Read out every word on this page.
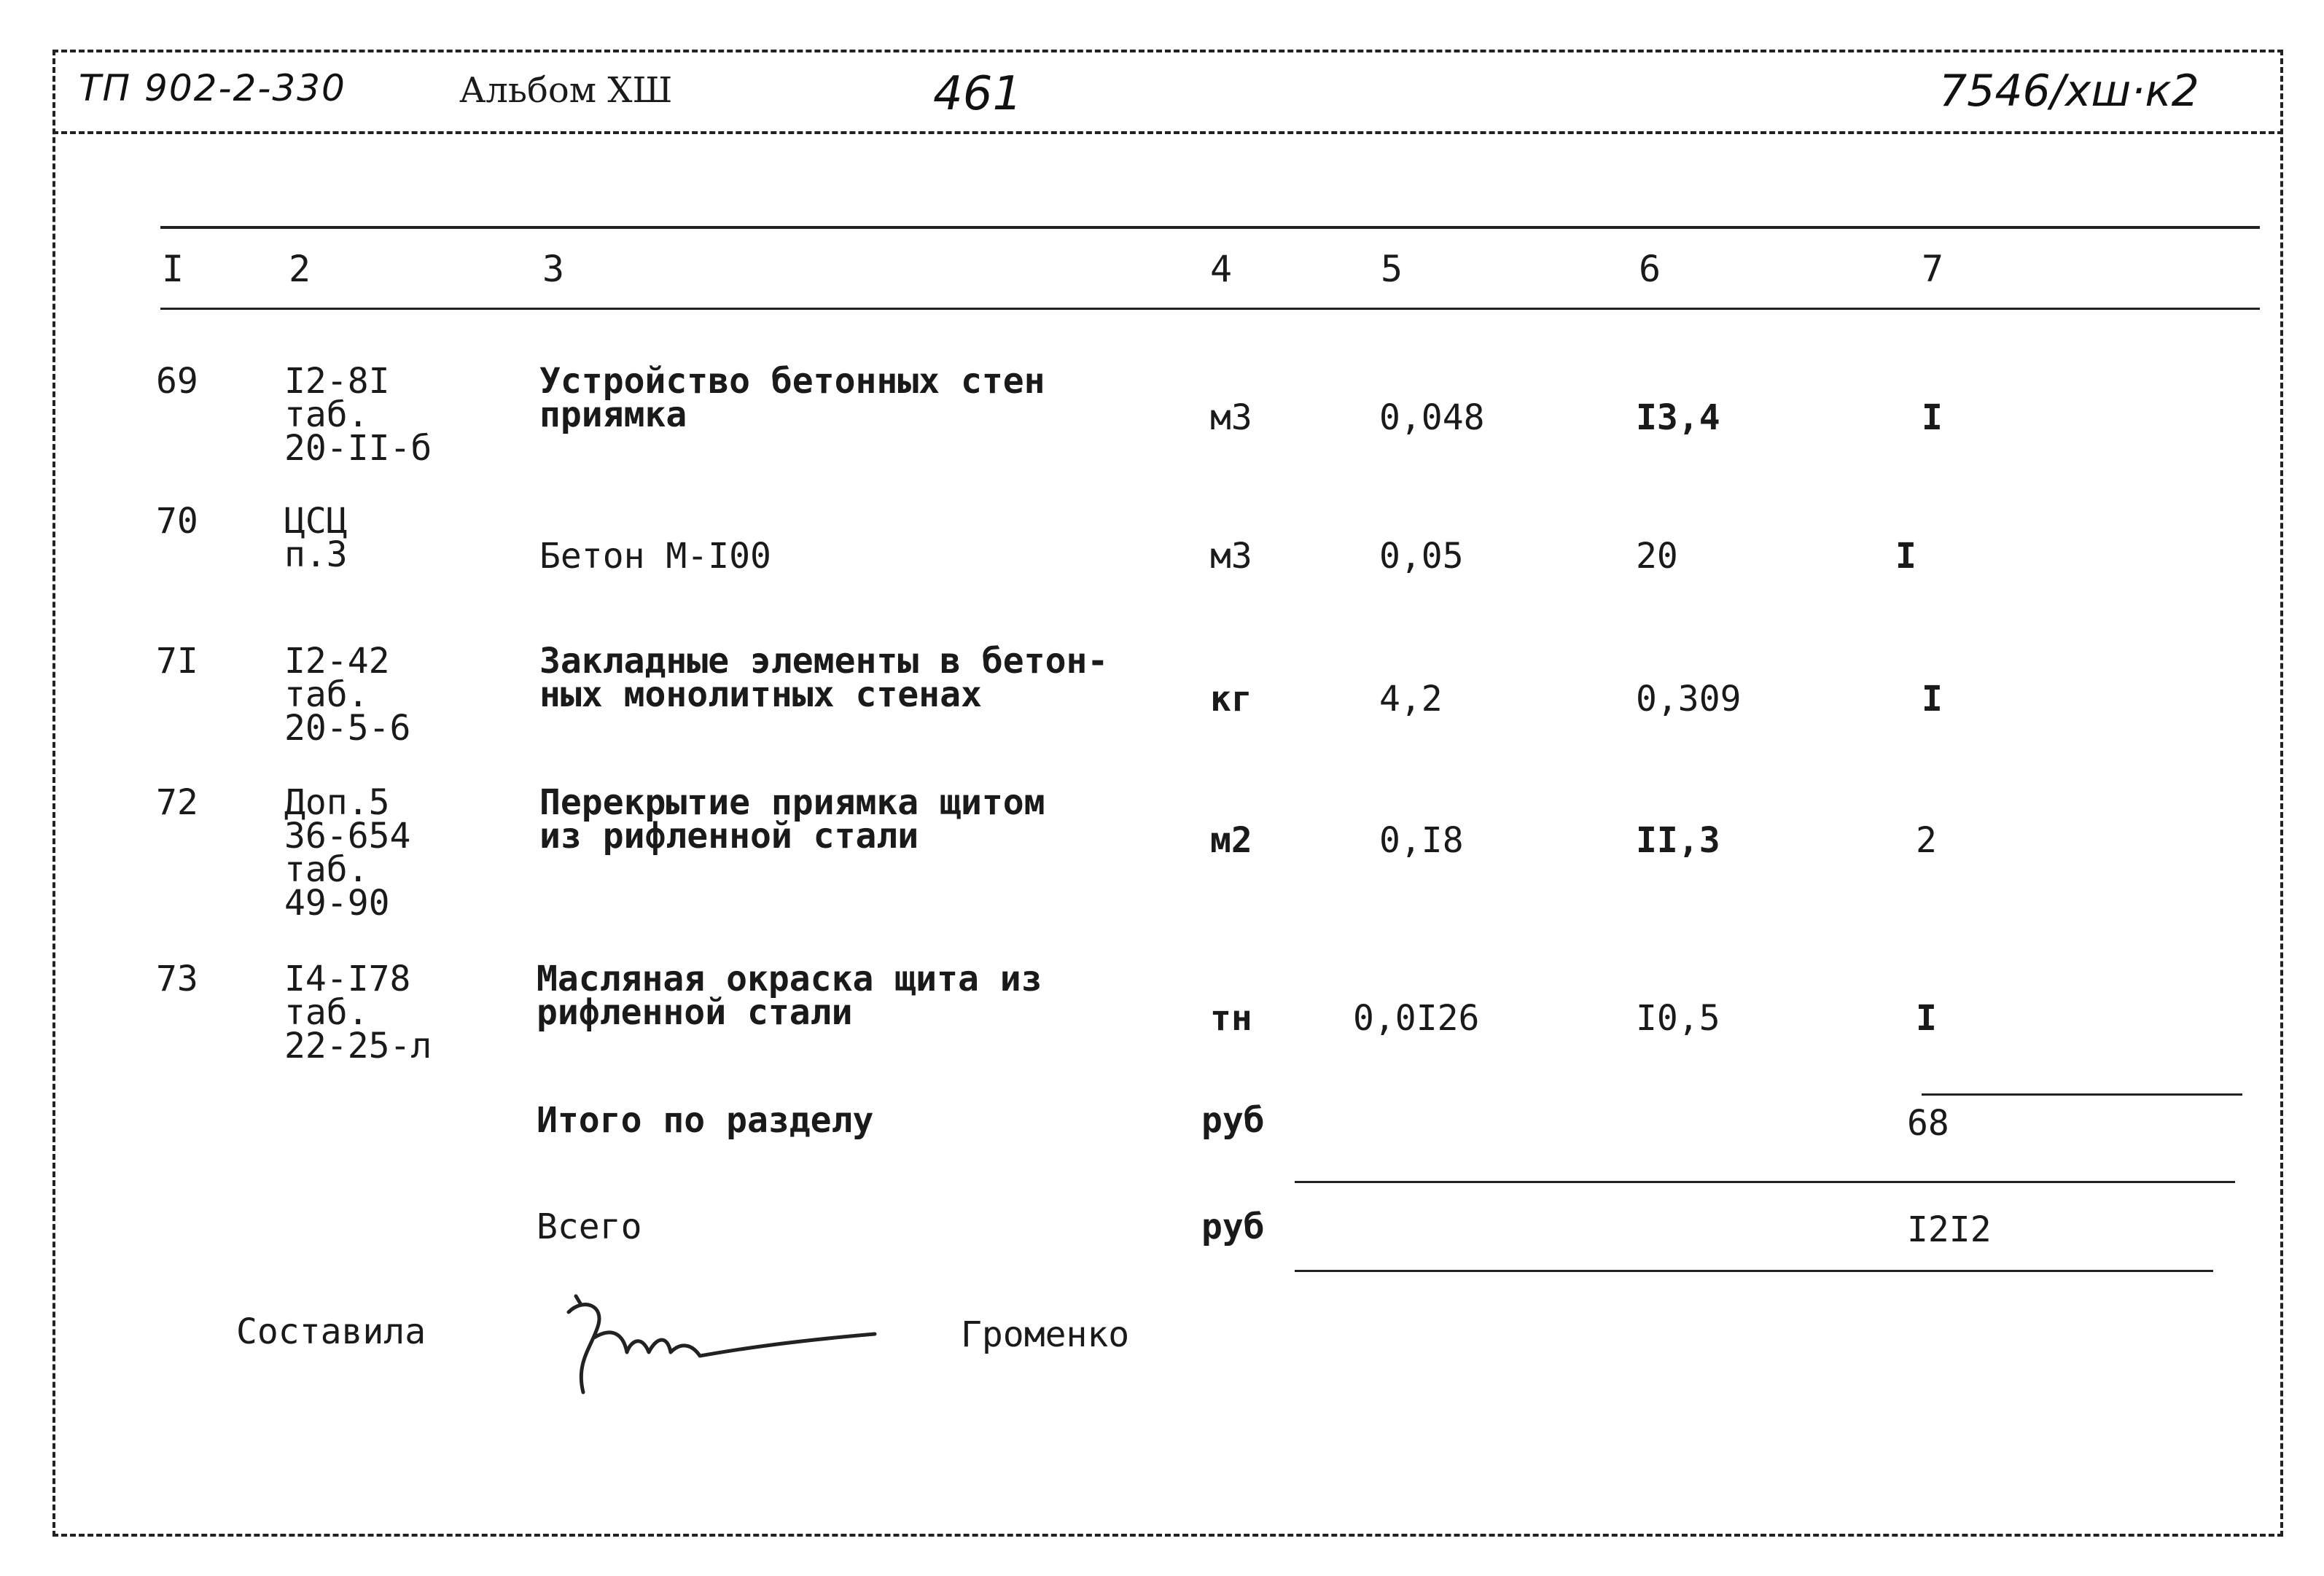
ТП 902-2-330	Альбом XШ	461	7546/хш·к2
I	2	3	4	5	6	7
69 I2-8I
таб.
20-II-б
Устройство бетонных стен
приямка	м3	0,048	I3,4	I
70 ЦСЦ
п.3	Бетон М-I00	м3	0,05	20	I
7I I2-42
таб.
20-5-6
Закладные элементы в бетон-
ных монолитных стенах	кг	4,2	0,309	I
72 Доп.5
36-654
таб.
49-90
Перекрытие приямка щитом
из рифленной стали	м2	0,I8	II,3	2
73 I4-I78
таб.
22-25-л
Масляная окраска щита из
рифленной стали	тн	0,0I26	I0,5	I
Итого по разделу	руб	68
Всего	руб	I2I2
Составила	Громенко
